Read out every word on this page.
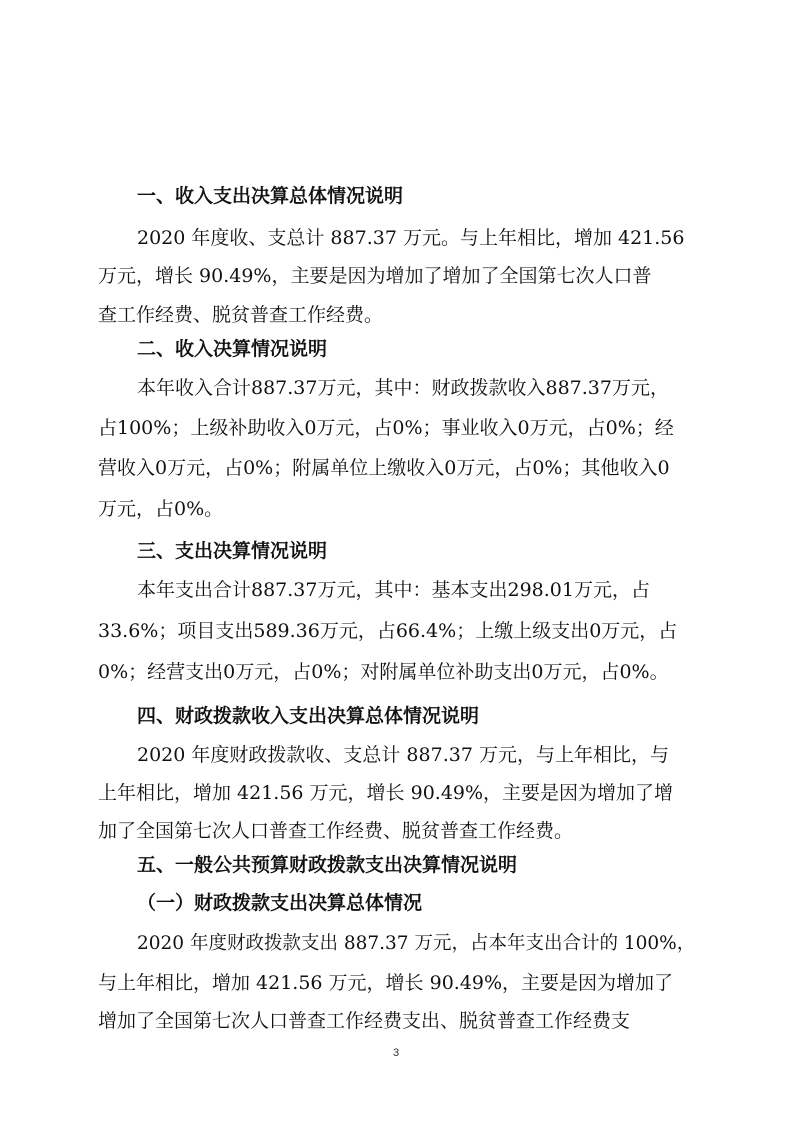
一、收入支出决算总体情况说明

2020 年度收、支总计 887.37 万元。与上年相比，增加 421.56

万元，增长 90.49%，主要是因为增加了增加了全国第七次人口普

查工作经费、脱贫普查工作经费。

二、收入决算情况说明

本年收入合计887.37万元，其中：财政拨款收入887.37万元，

占100%；上级补助收入0万元，占0%；事业收入0万元，占0%；经

营收入0万元，占0%；附属单位上缴收入0万元，占0%；其他收入0

万元，占0%。

三、支出决算情况说明

本年支出合计887.37万元，其中：基本支出298.01万元，占

33.6%；项目支出589.36万元，占66.4%；上缴上级支出0万元，占

0%；经营支出0万元，占0%；对附属单位补助支出0万元，占0%。

四、财政拨款收入支出决算总体情况说明

2020 年度财政拨款收、支总计 887.37 万元，与上年相比，与

上年相比，增加 421.56 万元，增长 90.49%，主要是因为增加了增

加了全国第七次人口普查工作经费、脱贫普查工作经费。

五、一般公共预算财政拨款支出决算情况说明
（一）财政拨款支出决算总体情况

2020 年度财政拨款支出 887.37 万元，占本年支出合计的 100%，

与上年相比，增加 421.56 万元，增长 90.49%，主要是因为增加了

增加了全国第七次人口普查工作经费支出、脱贫普查工作经费支

3
